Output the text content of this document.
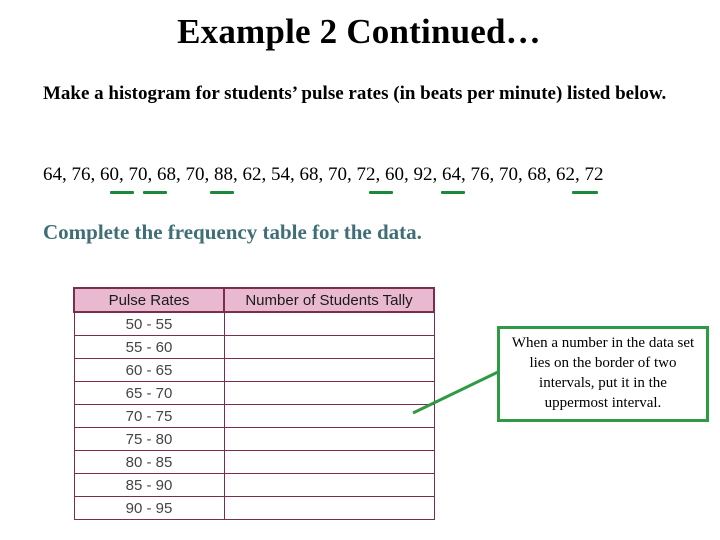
Example 2 Continued…
Make a histogram for students’ pulse rates (in beats per minute) listed below.
64, 76, 60, 70, 68, 70, 88, 62, 54, 68, 70, 72, 60, 92, 64, 76, 70, 68, 62, 72
Complete the frequency table for the data.
Pulse Rates	Number of Students Tally
50 - 55	
55 - 60	
60 - 65	
65 - 70	
70 - 75	
75 - 80	
80 - 85	
85 - 90	
90 - 95	
When a number in the data set lies on the border of two intervals, put it in the uppermost interval.
